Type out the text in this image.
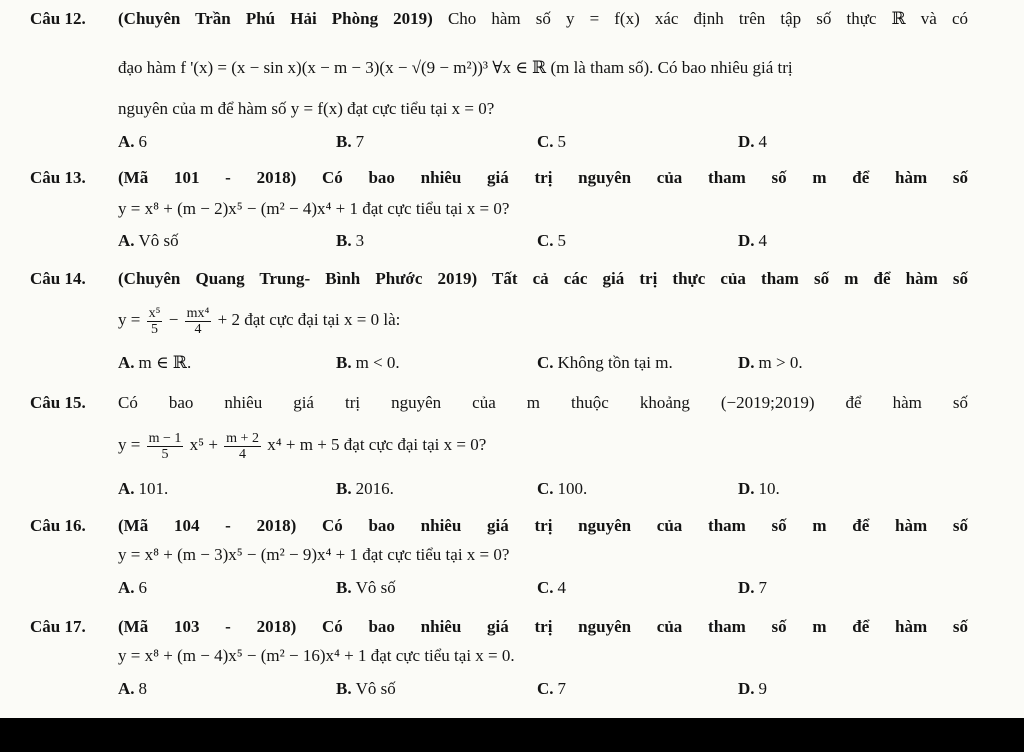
Câu 12. (Chuyên Trần Phú Hải Phòng 2019) Cho hàm số y = f(x) xác định trên tập số thực ℝ và có
đạo hàm f '(x) = (x − sin x)(x − m − 3)(x − √(9 − m²))³ ∀x ∈ ℝ (m là tham số). Có bao nhiêu giá trị
nguyên của m để hàm số y = f(x) đạt cực tiểu tại x = 0?
A. 6	B. 7	C. 5	D. 4
Câu 13. (Mã 101 - 2018) Có bao nhiêu giá trị nguyên của tham số m để hàm số
y = x⁸ + (m − 2)x⁵ − (m² − 4)x⁴ + 1 đạt cực tiểu tại x = 0?
A. Vô số	B. 3	C. 5	D. 4
Câu 14. (Chuyên Quang Trung- Bình Phước 2019) Tất cả các giá trị thực của tham số m để hàm số
$y = \frac{\text{x⁵}}{5} - \frac{\text{mx⁴}}{4} + 2$ đạt cực đại tại x = 0 là:
A. m ∈ ℝ.	B. m < 0.	C. Không tồn tại m.	D. m > 0.
Câu 15. Có bao nhiêu giá trị nguyên của m thuộc khoảng (−2019;2019) để hàm số
$y = \frac{m - 1}{5} x^5 + \frac{m + 2}{4} x^4 + m + 5$ đạt cực đại tại x = 0?
A. 101.	B. 2016.	C. 100.	D. 10.
Câu 16. (Mã 104 - 2018) Có bao nhiêu giá trị nguyên của tham số m để hàm số
y = x⁸ + (m − 3)x⁵ − (m² − 9)x⁴ + 1 đạt cực tiểu tại x = 0?
A. 6	B. Vô số	C. 4	D. 7
Câu 17. (Mã 103 - 2018) Có bao nhiêu giá trị nguyên của tham số m để hàm số
y = x⁸ + (m − 4)x⁵ − (m² − 16)x⁴ + 1 đạt cực tiểu tại x = 0.
A. 8	B. Vô số	C. 7	D. 9
